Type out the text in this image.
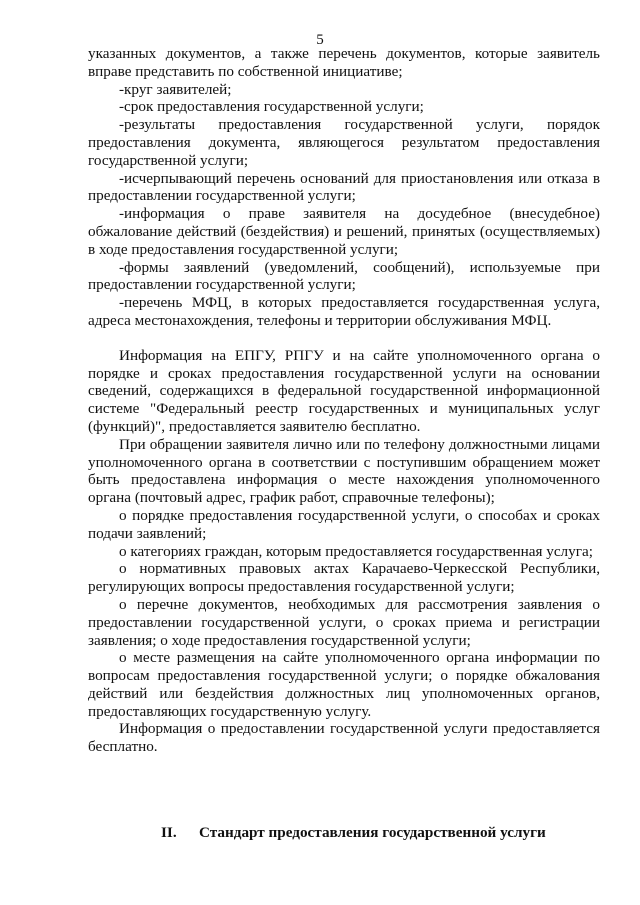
5

указанных документов, а также перечень документов, которые заявитель вправе представить по собственной инициативе;

-круг заявителей;

-срок предоставления государственной услуги;

-результаты предоставления государственной услуги, порядок предоставления документа, являющегося результатом предоставления государственной услуги;

-исчерпывающий перечень оснований для приостановления или отказа в предоставлении государственной услуги;

-информация о праве заявителя на досудебное (внесудебное) обжалование действий (бездействия) и решений, принятых (осуществляемых) в ходе предоставления государственной услуги;

-формы заявлений (уведомлений, сообщений), используемые при предоставлении государственной услуги;

-перечень МФЦ, в которых предоставляется государственная услуга, адреса местонахождения, телефоны и территории обслуживания МФЦ.

Информация на ЕПГУ, РПГУ и на сайте уполномоченного органа о порядке и сроках предоставления государственной услуги на основании сведений, содержащихся в федеральной государственной информационной системе "Федеральный реестр государственных и муниципальных услуг (функций)", предоставляется заявителю бесплатно.

При обращении заявителя лично или по телефону должностными лицами уполномоченного органа в соответствии с поступившим обращением может быть предоставлена информация о месте нахождения уполномоченного органа (почтовый адрес, график работ, справочные телефоны);

о порядке предоставления государственной услуги, о способах и сроках подачи заявлений;

о категориях граждан, которым предоставляется государственная услуга;

о нормативных правовых актах Карачаево-Черкесской Республики, регулирующих вопросы предоставления государственной услуги;

о перечне документов, необходимых для рассмотрения заявления о предоставлении государственной услуги, о сроках приема и регистрации заявления; о ходе предоставления государственной услуги;

о месте размещения на сайте уполномоченного органа информации по вопросам предоставления государственной услуги; о порядке обжалования действий или бездействия должностных лиц уполномоченных органов, предоставляющих государственную услугу.

Информация о предоставлении государственной услуги предоставляется бесплатно.

II. Стандарт предоставления государственной услуги
